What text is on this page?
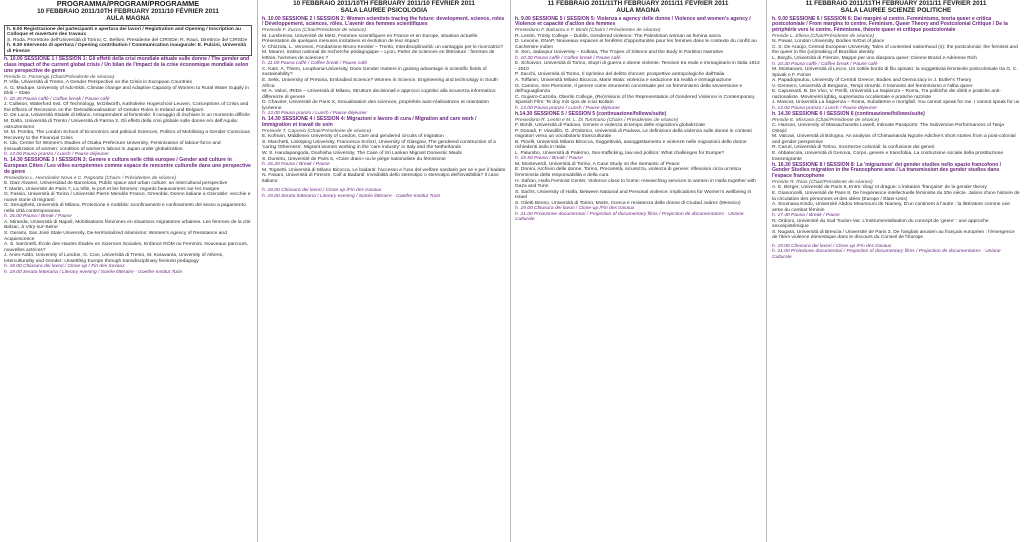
PROGRAMMA/PROGRAM/PROGRAMME
10 FEBBRAIO 2011/10TH FEBRUARY 2011/10 FÉVRIER 2011
AULA MAGNA
h. 9.00 Registrazione dei partecipanti e apertura dei lavori / Registration and Opening / Inscription au Colloque et ouverture des travaux
S. Roda, Prorettore dell'Università di Torino; C. Belloni, Presidente del CIRSDe; R. Raus, Direttrice del CIRSDe
h. 9.30 Intervento di apertura / Opening contribution / Communication inaugurale: E. Pulcini, Università di Firenze
h. 10.00 SESSIONE 1 / SESSION 1: Gli effetti della crisi mondiale attuale sulle donne / The gender and class impact of the current global crisis / Un bilan de l'impact de la crise économique mondiale selon une perspective de genre
Preside G. Fornengo (Chair/Présidente de séance)
P. Villa, Università di Trento, A Gender Perspective on the Crisis in European Countries
A. G. Modupe, University of Ado-Ekiti, Climate change and Adaptive Capacity of Women to Rural Water Supply in Ekiti – State
h. 10.45 Pausa caffè / Coffee break / Pause café
J. Culleton, Waterford Inst. Of Technology, M.Dilworth, Katholieke Hogeschool Leuven, Conceptions of Crisis and the Effects of Recession on the 'Detraditionalisation' of Gender Roles in Ireland and Belgium
D. De Luca, Università Statale di Milano, Intraprendere al femminile: il coraggio di rischiare in un momento difficile
M. Dalto, Università di Trento / Università di Parma 3, Gli effetti della crisi globale sulle donne e/o dell'Aquila: ostruzionismo
M. M. Pomba, The London School of Economics and political Sciences, Politics of Mobilising a Gender Conscious Recovery to the Financial Crisis
K. Ida, Center for Women's Studies of Osaka Prefecture University, Feminization of labour-force and invisualization of women: condition of women's labour in Japan under globalization
h. 13.00 Pausa pranzo / Lunch / Pause déjeuner
h. 14.30 SESSIONE 3 / SESSION 3: Genere e cultura nelle città europee / Gender and culture in European Cities / Les villes européennes comme espace de rencontre culturelle dans une perspective de genre
Presiedono L. Hernández Nova e C. Pagnotta (Chairs / Présidentes de séance)
E. Diaz Álvarez, Universidad de Barcelona, Public space and urban culture: an intercultural perspective
T. Martin, Université de Paris 7, La Ville, le port et les femmes: regards beauvoiriens sur les marges
G. Fassio, Università di Torino / Université Pierre Mendès France, Grenoble, Donne italiane a Grenoble: vecchie e nuove storie di migranti
G. Seruighetti, Università di Milano, Protezione e mobilità: sconfinamenti e confinamenti del sesso a pagamento nella città contemporanea
h. 16.00 Pausa / Break / Pause
A. Miranda, Università di Napoli, Mobilisations féminines en situations migratoires urbaines. Les femmes de la cité Balzac, à Vitry-sur-Seine
S. Gerami, San José State University, De-territorialized Islamisms: Women's Agency of Resistance and Acquiescence
A. S. Sarcinelli, École des Hautes Études en Sciences Sociales, Enfance ROM ou Femmini. Nouveaux parcours, nouvelles actrices?
J. Anim-Addo, University of London, G. Covi, Università di Trento, M. Karavanta, University of Athens, Interculturality and Gender: Unsettling Europe through transdisciplinary feminist pedagogy
h. 18.00 Chiusura dei lavori / Close-up / Fin des travaux
h. 19.00 Serata letteraria / Literary evening / Soirée littéraire - Goethe-Institut Turin
10 FEBBRAIO 2011/10TH FEBRUARY 2011/10 FÉVRIER 2011
SALA LAUREE PSICOLOGIA
h. 10.00 SESSIONE 2 / SESSION 2: Women scientists tracing the future: development, science, roles / Développement, sciences, rôles. L'avenir des femmes scientifiques
Presiede F. Zucco (Chair/Présidente de séance)
M. Lumbreras, Université de Metz, Femmes scientifiques en France et en Europe, situation actuelle. Présentation de quelques mesures incitatives et évolution de leur impact
V. Chizzola, L. Veronesi, Fondazione Bruno Kessler – Trento, Interdisciplinarità: un vantaggio per le ricercatrici?
M. Maurel, Institut national de recherche pédagogique – Lyon, Parler de sciences en littérature : femmes de lettres, hommes de sciences ?
h. 11.00 Pausa caffè / Coffee break / Pause café
C. Katz, A. Thiem, Leuphana-University, Does Gender matters in gaining advantage in scientific fields of sustainability?
E. Sekk, University of Pretoria, Embodied Science? Women in Science, Engineering and technology in South Africa
M. A. Valori, IRIDe – Università di Milano, Strutture decisionali e approcci cognitivi alla sicurezza informatica: differenze di genere
D. Chavrier, Université de Paris X, Sexualisation des sciences, propriétés auto-réalisatrices et orientation lycéenne
h. 13.00 Pausa pranzo / Lunch / Pause déjeuner
h. 14.30 SESSIONE 4 / SESSION 4: Migrazioni e lavoro di cura / Migration and care work / Immigration et travail de soin
Presiede T. Caponio (Chair/Présidente de séance)
E. Kofman, Middlesex University of London, Care and gendered circuits of migration
S. Marchetti, Linköping University, Francesca Scrinzi, University of Glasgow, The gendered construction of a 'caring Otherness'. Migrant women working in the 'care industry' in Italy and the Netherlands
W. S. Handapangoda, Doshisha University, The Case of Sri Lankan Migrant Domestic Maids
S. Dumitru, Université de Paris 5, «Care drain» ou le piège nationaliste du féminisme
h. 16.20 Pausa / Break / Pause
M. Tognetti, Università di Milano Bicocca, Le badanti: l'accesso e l'uso del welfare sanitario per sé e per il badato
N. Fasani, Università di Firenze, Colf & Badanti: Invisibilità dello stereotipo o stereotipo dell'invisibilità? Il caso italiano
h. 18.00 Chiusura dei lavori / Close-up /Fin des travaux
h. 19.00 Serata letteraria / Literary evening / Soirée littéraire - Goethe-Institut Turin
11 FEBBRAIO 2011/11TH FEBRUARY 2011/11 FÉVRIER 2011
AULA MAGNA
h. 9.00 SESSIONE 5 / SESSION 5: Violenza e agency delle donne / Violence and women's agency / Violence et capacité d'action des femmes
Presiedono F. Balsamo e F. Bimbi (Chairs / Présidentes de séance)
R. Lentin, Trinity College – Dublin, Gendered violence: The Palestinian woman as femina sacra
D. Levoine, ENAP, Nouveaux espaces et fenêtres d'opportunités pour les femmes dans le contexte du conflit au Cachemire indien
S. Sen, Jadavpur University – Kolkata, The Tropes of Silence and the Body in Partition Narrative
h. 10.30 Pausa caffè / Coffee break / Pause café
E. Schiavon, Università di Torino, Stupri di guerra e donne violente. Tensioni tra reale e immaginario in Italia 1914 - 2010
P. Sacchi, Università di Torino, Il ripristino del delitto d'onore: prospettive antropologiche dall'Italia
A. Toffanin, Università Milano Bicocca, Mami Wata: violenza e seduzione tra realtà e immaginazione
G. Carnino, Ires Piemonte, Il genere come strumento concettuale per un femminismo della sovversione e dell'uguaglianza
C. Gujarro-Cazorla, Oberlin College, (Re)Visions of the Representation of Gendered Violence in Contemporary Spanish Film: Te doy mis ojos de Icíar Bollaín
h. 13.00 Pausa pranzo / Lunch / Pause déjeuner
h.14.30 SESSIONE 5 / SESSION 5 (continuazione/follows/suite)
Presiedono R. Lentin e M. L. Di Tommaso (Chairs / Présidentes de séance)
F. Bimbi, Università di Padova, Genere e violenza al tempo delle migrazioni globalizzate
P. Donadi, F. Viandillo, G. d'Odorico, Università di Padova, Le definizioni della violenza sulle donne in contesti migratori verso un vocabolario transculturale
B. Pinelli, Università Milano Bicocca, Soggettività, assoggettamento e violenze nelle migrazioni delle donne richiedenti asilo in Italia
L. Palumbo, Università di Palermo, Sex-trafficking, law and politics: What challenges for Europe?
h. 15.50 Pausa / Break / Pause
M. Monteverdi, Università di Torino, A Case Study on the Semantic of Peace
E. Donini, Archivio delle donne, Torino, Precarietà, sicurezza, violenza di genere: riflessioni circa un'etica femminista della responsabilità e della cura
H. Safran, Haifa Feminist Center, Violence close to home: researching services to women in Haifa together with Gaza and Turin
S. Sachs, University of Haifa, Between National and Personal violence: implications for Women's wellbeing in Israel
S. Giletti Benso, Università di Torino, Morte, ricerca e resistenza delle donne di Ciudad Juárez (Messico)
h. 19.00 Chiusura dei lavori / Close-up /Fin des travaux
h. 21.00 Proiezione documentari / Projection of documentary films / Projection de documentaires - Unione Culturale
11 FEBBRAIO 2011/11TH FEBRUARY 2011/11 FÉVRIER 2011
SALA LAUREE SCIENZE POLITICHE
h. 9.00 SESSIONE 6 / SESSION 6: Dai margini al centro. Femminismo, teoria queer e critica postcoloniale / From margins to centre. Feminism, Queer Theory and Postcolonial Critique / De la périphérie vers le centre. Féminisme, théorie queer et critique postcoloniale
Preside L. Ellena (Chair/Présidente de séance)
N. Puwar, London University, Bodies In/Out of place
C. S. De Araújo, Central European University, Tales of contested nationhood (s): the postcolonial, the feminist and the queer in the (un)making of Brazilian identity
L. Borghi, Università di Firenze, Mappe per uno diaspora queer: Dionne Brand e Adrienne Rich
h. 10.30 Pausa caffè / Coffee break / Pause café
M. Montanaro, Università di Lecce, Un sottile bordo di filo spinato: la soggettività femminile postcoloniale tra G. C. Spivak e F. Fanon
A. Papadopoulou, University of Central Greece, Bodies and Democracy in J. Butler's Theory
V. Gennero, Università di Bergamo, Tempi strambi. Il tramonto del femminismo e l'alba queer
E. Capussotti, B. De Vivo, V. Perilli, Università La Sapienza – Roma, Tra politiche dei diritti e pratiche anti-nazionaliste. Movimenti lgbtiq, supremazia occidentale e pratiche razziste
J. Mascat, Università La Sapienza – Roma, Subalterne e morigfall. You cannot speak for me. I cannot speak for us
h. 13.00 Pausa pranzo / Lunch / Pause déjeuner
h. 14.30 SESSIONE 6 / SESSION 6 (continuazione/follows/suite)
Preside E. Missana (Chair/Présidente de séance)
C. Hanson, University of Massachusetts Lowell, Intimate Passports: The Subversive Performances of Tanja Ostojić
M. Valcavi, Università di Bologna, An analysis of Chimamanda Ngozie Adichie's short stories from a post-colonial and gender perspective
R. Caruri, Università di Torino, Incertezze coloniali: la confusione dei generi
E. Abbatecola, Università di Genova, Corpo, genere e transfobia. La costruzione sociale della prostituzione transmigrante
h. 16.30 SESSIONE 8 / SESSION 8: La 'migrazione' dei gender studies nello spazio francofono / Gender Studies migration in the Francophone area / La transmission des gender studies dans l'espace francophone
Preside R. Raus (Chair/Présidente de séance)
A. E. Berger, Université de Paris 8, Entre 'drag' et drague: L'imitation 'française' de la gender theory
E. Gianoncelli, Université de Paris 8, De l'expérience intellectuelle féministe du 20e siècle. Jalons d'une histoire de la circulation des personnes et des idées (Europe / Etats-Unis)
A. Soumana Kindo, Université Abdou Moumouni de Niamey, D'un continent à l'autre : la littérature comme une arme du combat féminin
h. 17.40 Pausa / Break / Pause
N. Ordioni, Université du Sud Toulon-Var, L'instrumentalisation du concept de 'genre' : une approche sexoépistémique
S. Nugara, Università di Brescia / Université de Paris 3, De l'anglais anusien au français européen : l'émergence de l'item violence domestique dans le discours du Conseil de l'Europe
h. 19.00 Chiusura dei lavori / Close-up /Fin des travaux
h. 21.00 Proiezione documentari / Projection of documentary films / Projection de documentaires - Unione Culturale
